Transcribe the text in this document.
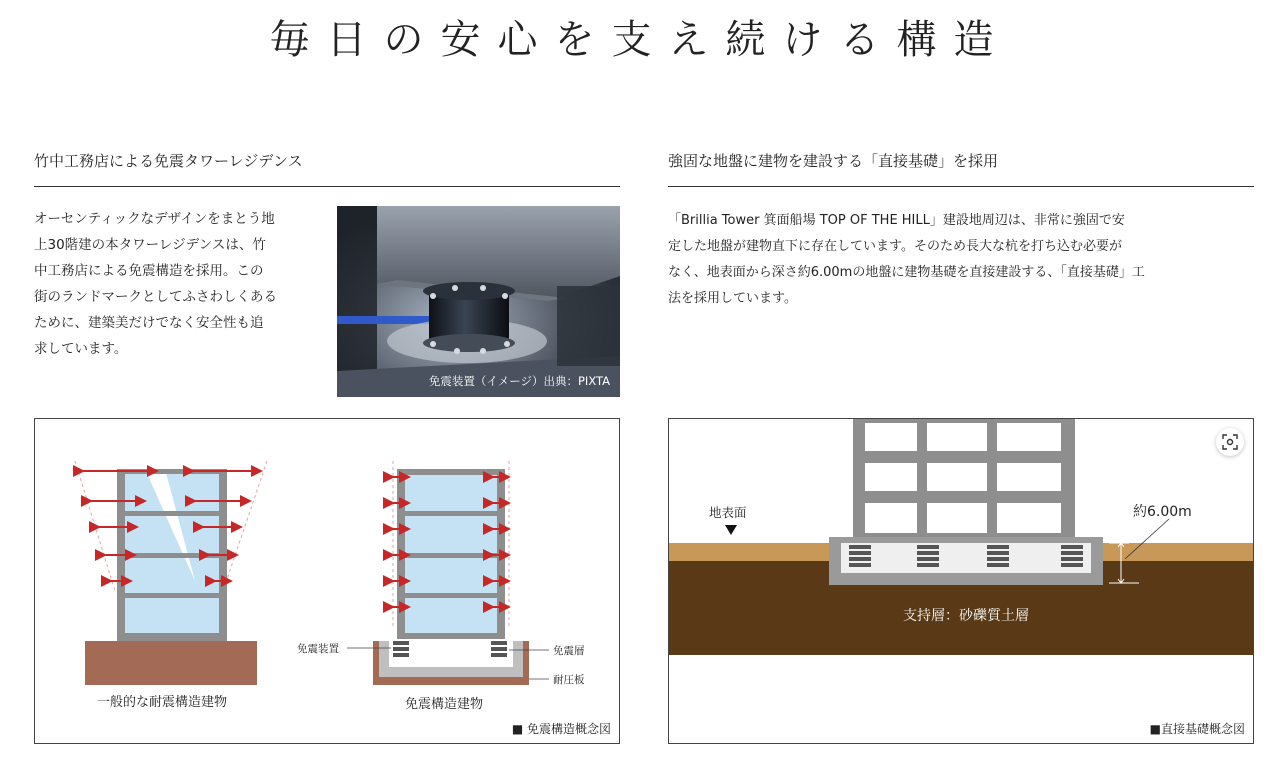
毎日の安心を支え続ける構造
竹中工務店による免震タワーレジデンス
オーセンティックなデザインをまとう地
上30階建の本タワーレジデンスは、竹
中工務店による免震構造を採用。この
街のランドマークとしてふさわしくある
ために、建築美だけでなく安全性も追
求しています。
免震装置（イメージ）出典：PIXTA
一般的な耐震構造建物	免震構造建物
免震装置	免震層
耐圧板
■ 免震構造概念図
強固な地盤に建物を建設する「直接基礎」を採用
「Brillia Tower 箕面船場 TOP OF THE HILL」建設地周辺は、非常に強固で安
定した地盤が建物直下に存在しています。そのため長大な杭を打ち込む必要が
なく、地表面から深さ約6.00mの地盤に建物基礎を直接建設する、「直接基礎」工
法を採用しています。
地表面	約6.00m
支持層：砂礫質土層
■直接基礎概念図
